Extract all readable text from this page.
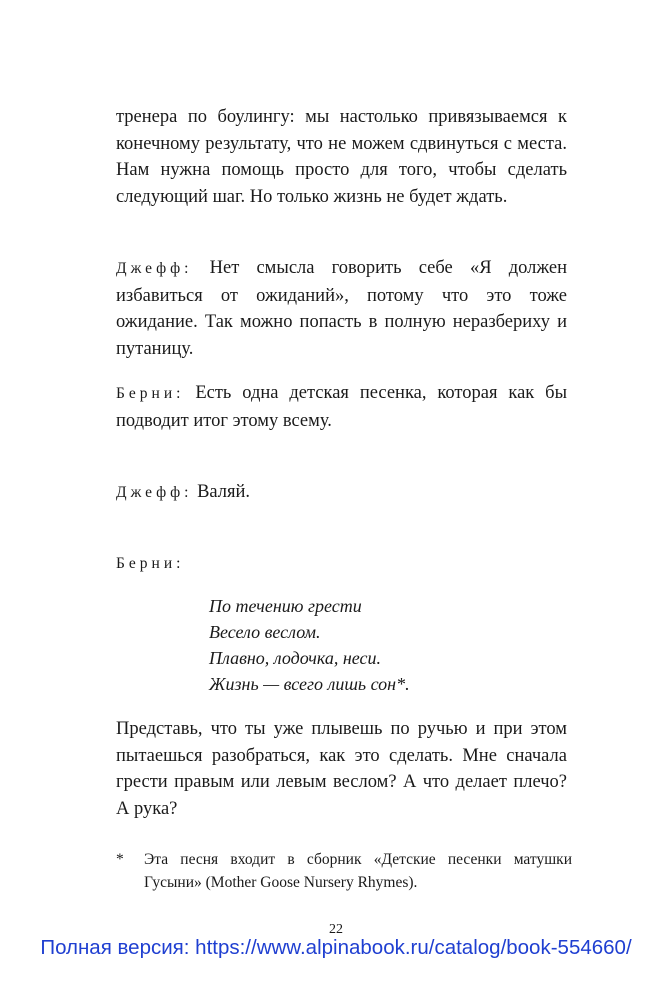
тренера по боулингу: мы настолько привязываемся к конечному результату, что не можем сдвинуться с места. Нам нужна помощь просто для того, чтобы сделать следующий шаг. Но только жизнь не будет ждать.

Джефф: Нет смысла говорить себе «Я должен избавиться от ожиданий», потому что это тоже ожидание. Так можно попасть в полную неразбериху и путаницу.

Берни: Есть одна детская песенка, которая как бы подводит итог этому всему.

Джефф: Валяй.

Берни:

По течению грести
Весело веслом.
Плавно, лодочка, неси.
Жизнь — всего лишь сон*.

Представь, что ты уже плывешь по ручью и при этом пытаешься разобраться, как это сделать. Мне сначала грести правым или левым веслом? А что делает плечо? А рука?

* Эта песня входит в сборник «Детские песенки матушки Гусыни» (Mother Goose Nursery Rhymes).
22
Полная версия: https://www.alpinabook.ru/catalog/book-554660/
